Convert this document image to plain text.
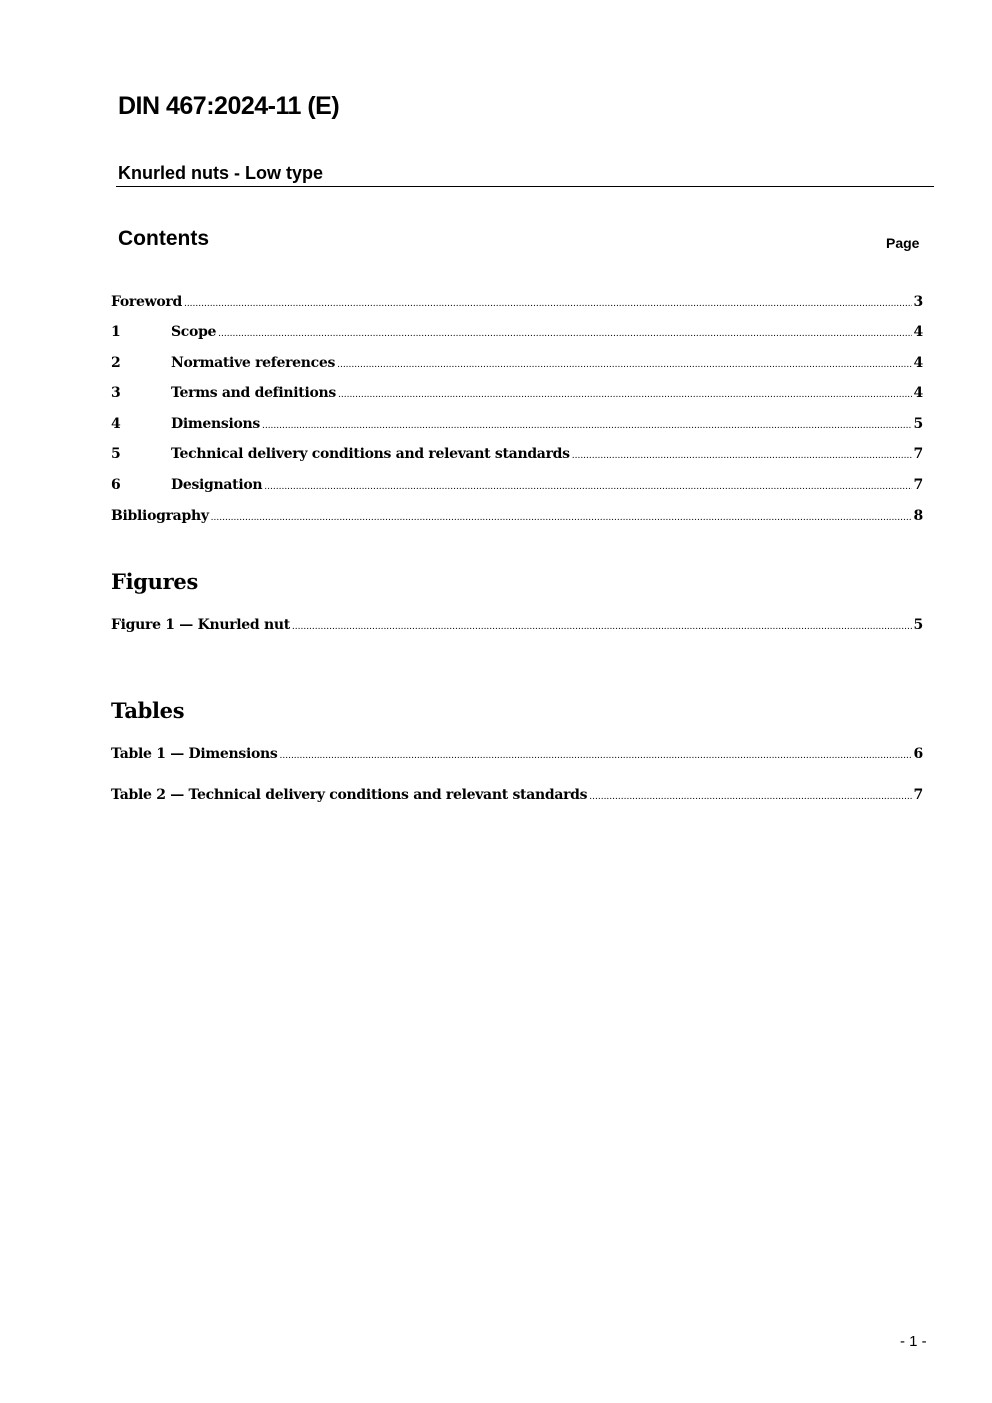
DIN 467:2024-11 (E)
Knurled nuts - Low type
Contents	Page
Foreword .....	3
1	Scope .....	4
2	Normative references .....	4
3	Terms and definitions .....	4
4	Dimensions .....	5
5	Technical delivery conditions and relevant standards .....	7
6	Designation .....	7
Bibliography .....	8
Figures
Figure 1 — Knurled nut .....	5
Tables
Table 1 — Dimensions .....	6
Table 2 — Technical delivery conditions and relevant standards .....	7
- 1 -
